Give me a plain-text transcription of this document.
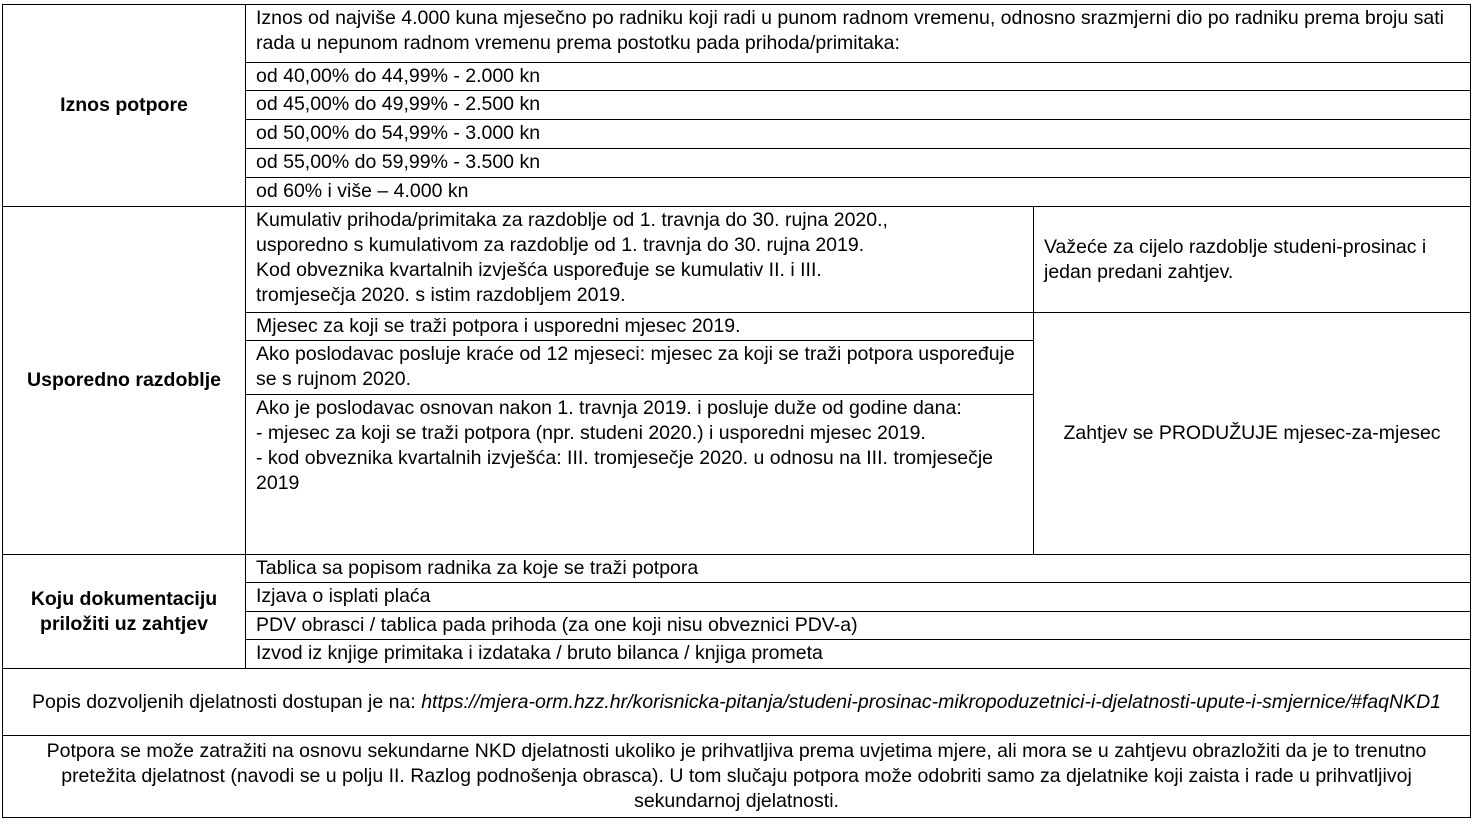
Iznos potpore	Iznos od najviše 4.000 kuna mjesečno po radniku koji radi u punom radnom vremenu, odnosno srazmjerni dio po radniku prema broju sati rada u nepunom radnom vremenu prema postotku pada prihoda/primitaka:	
	od 40,00% do 44,99% - 2.000 kn	
	od 45,00% do 49,99% - 2.500 kn	
	od 50,00% do 54,99% - 3.000 kn	
	od 55,00% do 59,99% - 3.500 kn	
	od 60% i više – 4.000 kn	
Usporedno razdoblje	Kumulativ prihoda/primitaka za razdoblje od 1. travnja do 30. rujna 2020.,
usporedno s kumulativom za razdoblje od 1. travnja do 30. rujna 2019.
Kod obveznika kvartalnih izvješća uspoređuje se kumulativ II. i III.
tromjesečja 2020. s istim razdobljem 2019.	Važeće za cijelo razdoblje studeni-prosinac i jedan predani zahtjev.
	Mjesec za koji se traži potpora i usporedni mjesec 2019.	Zahtjev se PRODUŽUJE mjesec-za-mjesec
	Ako poslodavac posluje kraće od 12 mjeseci: mjesec za koji se traži potpora uspoređuje se s rujnom 2020.	

	Ako je poslodavac osnovan nakon 1. travnja 2019. i posluje duže od godine dana:
- mjesec za koji se traži potpora (npr. studeni 2020.) i usporedni mjesec 2019.
- kod obveznika kvartalnih izvješća: III. tromjesečje 2020. u odnosu na III. tromjesečje 2019	

Koju dokumentaciju priložiti uz zahtjev	Tablica sa popisom radnika za koje se traži potpora	
	Izjava o isplati plaća	
	PDV obrasci / tablica pada prihoda (za one koji nisu obveznici PDV-a)	
	Izvod iz knjige primitaka i izdataka / bruto bilanca / knjiga prometa	
Popis dozvoljenih djelatnosti dostupan je na: https://mjera-orm.hzz.hr/korisnicka-pitanja/studeni-prosinac-mikropoduzetnici-i-djelatnosti-upute-i-smjernice/#faqNKD1		
Potpora se može zatražiti na osnovu sekundarne NKD djelatnosti ukoliko je prihvatljiva prema uvjetima mjere, ali mora se u zahtjevu obrazložiti da je to trenutno pretežita djelatnost (navodi se u polju II. Razlog podnošenja obrasca). U tom slučaju potpora može odobriti samo za djelatnike koji zaista i rade u prihvatljivoj sekundarnoj djelatnosti.		
